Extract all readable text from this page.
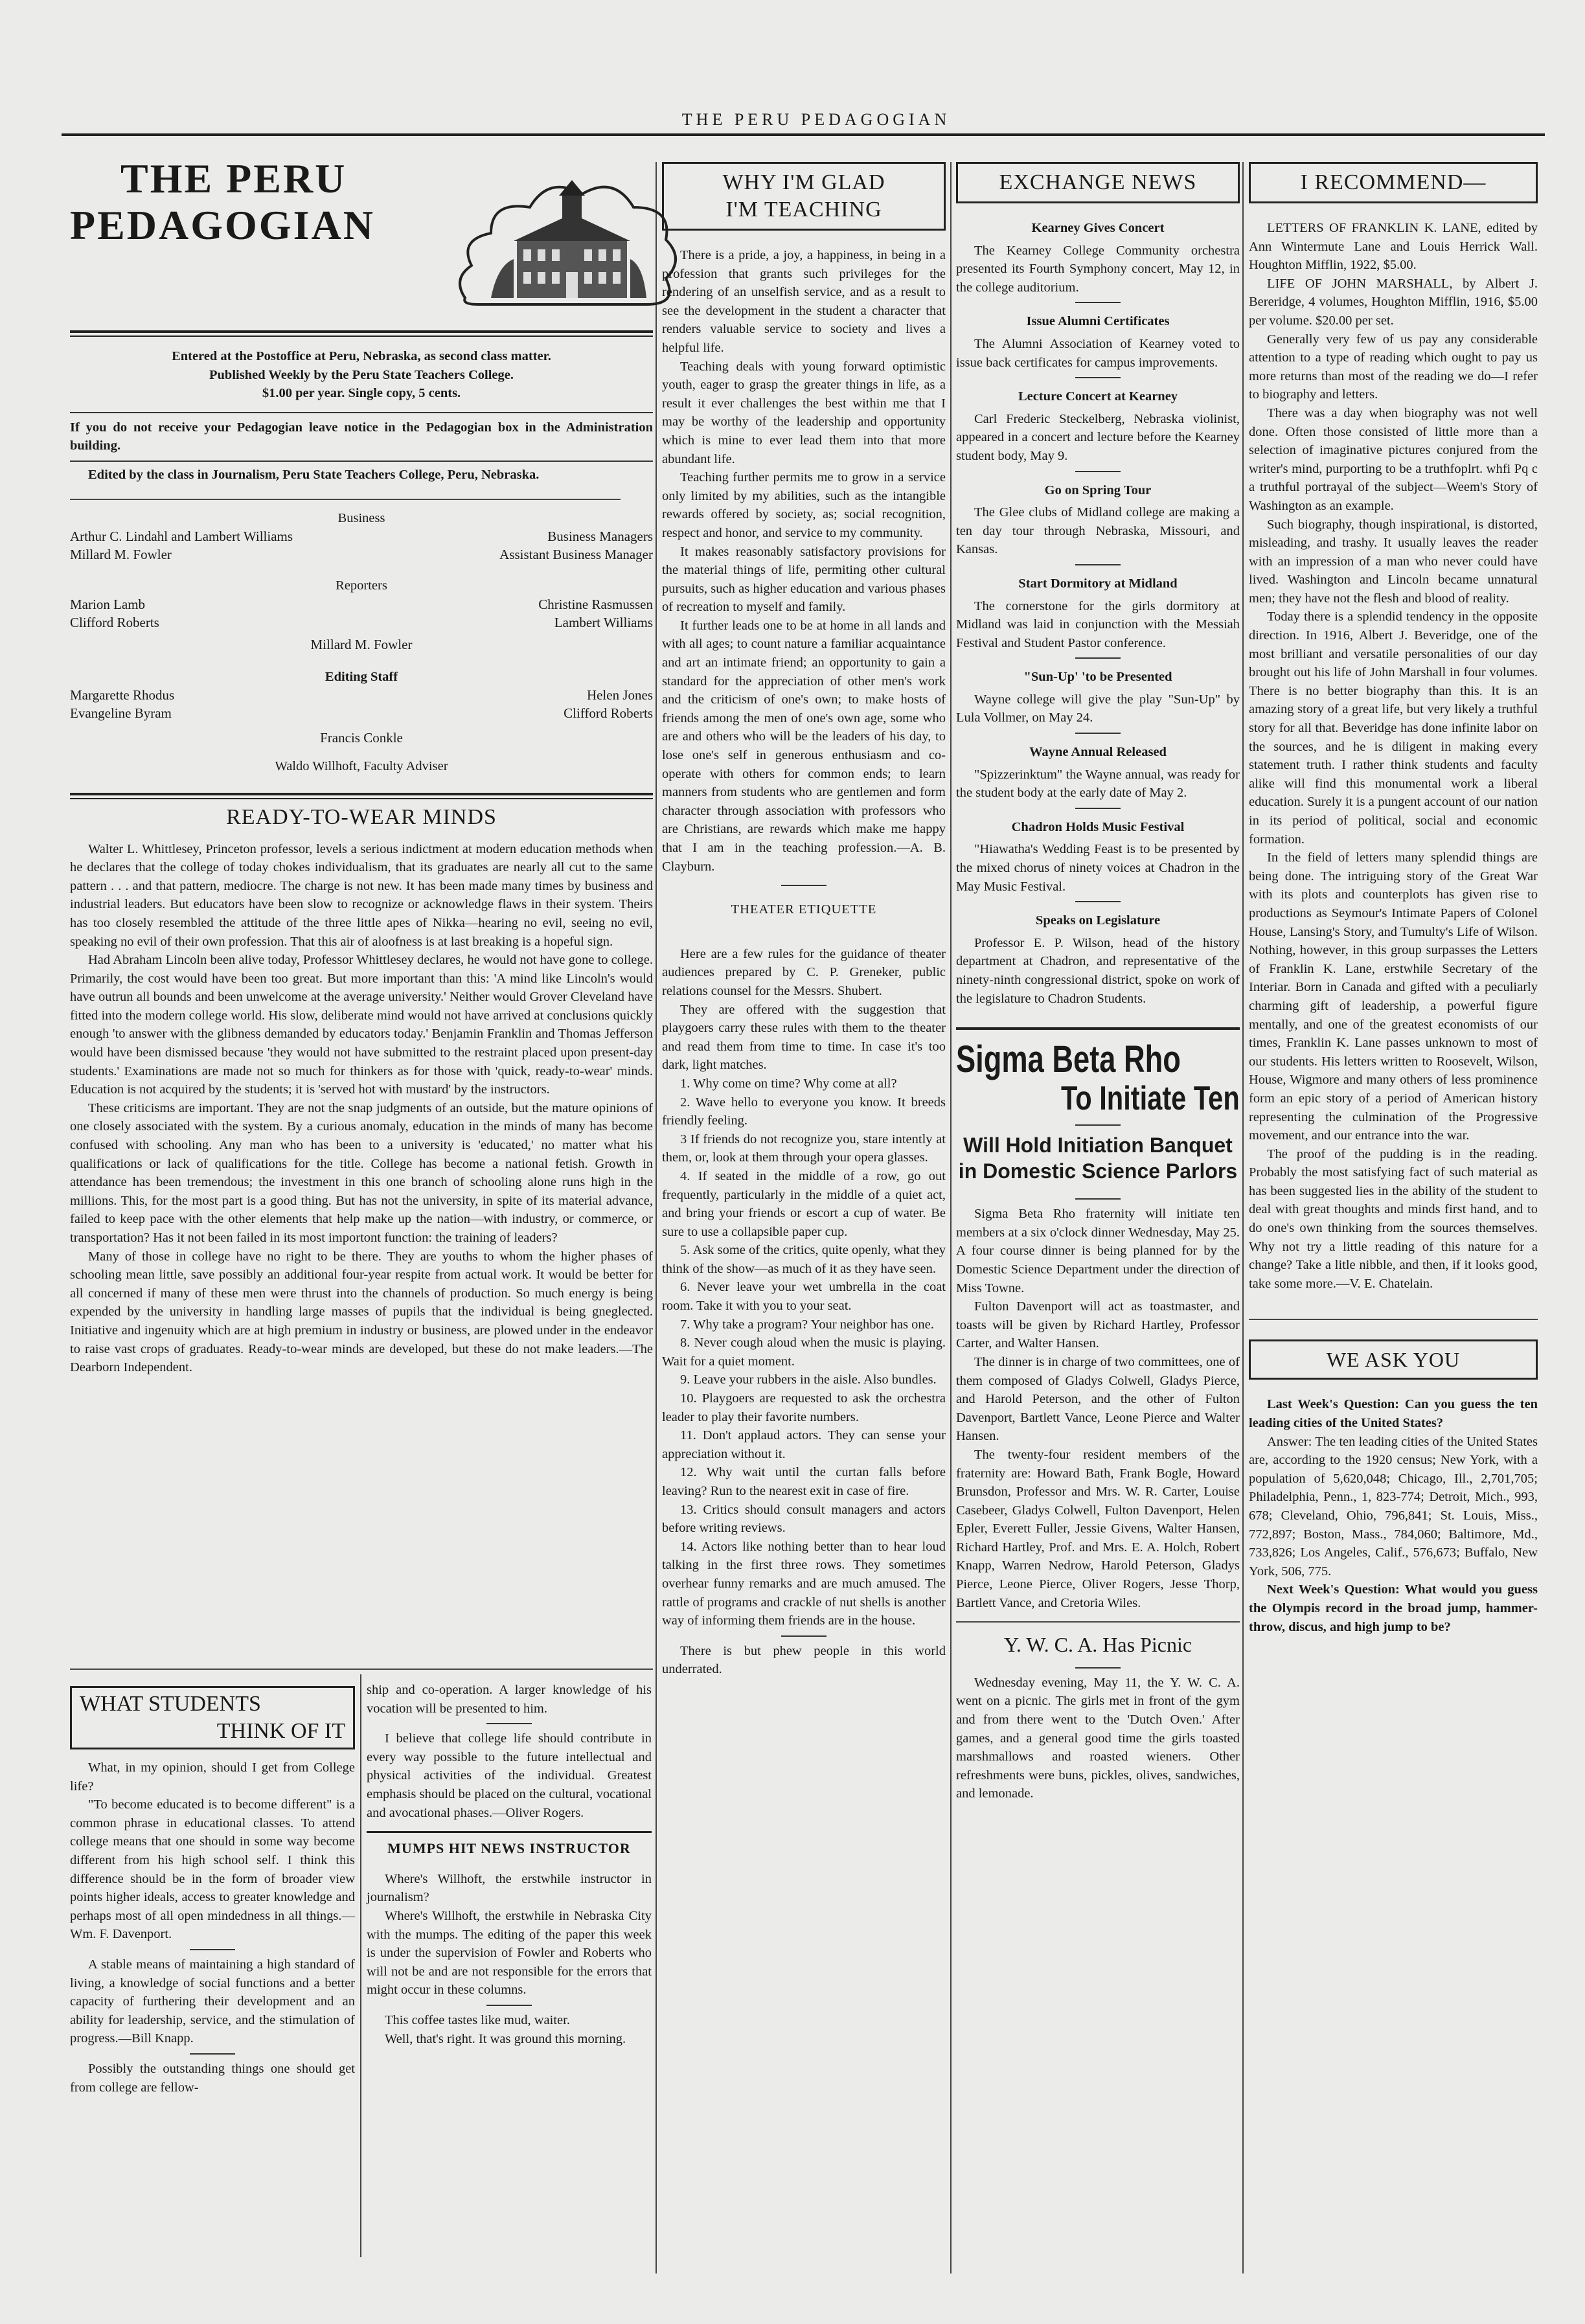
THE PERU PEDAGOGIAN
THE PERU
PEDAGOGIAN

Entered at the Postoffice at Peru, Nebraska, as second class matter.

Published Weekly by the Peru State Teachers College.

$1.00 per year. Single copy, 5 cents.

If you do not receive your Pedagogian leave notice in the Pedagogian box in the Administration building.

Edited by the class in Journalism, Peru State Teachers College, Peru, Nebraska.

Business

Arthur C. Lindahl and Lambert Williams	Business Managers
Millard M. Fowler	Assistant Business Manager

Reporters

Marion Lamb	Christine Rasmussen
Clifford Roberts	Lambert Williams
Millard M. Fowler	

Editing Staff

Margarette Rhodus	Helen Jones
Evangeline Byram	Clifford Roberts
Francis Conkle	

Waldo Willhoft, Faculty Adviser

READY-TO-WEAR MINDS

Walter L. Whittlesey, Princeton professor, levels a serious indictment at modern education methods when he declares that the college of today chokes individualism, that its graduates are nearly all cut to the same pattern . . . and that pattern, mediocre. The charge is not new. It has been made many times by business and industrial leaders. But educators have been slow to recognize or acknowledge flaws in their system. Theirs has too closely resembled the attitude of the three little apes of Nikka—hearing no evil, seeing no evil, speaking no evil of their own profession. That this air of aloofness is at last breaking is a hopeful sign.

Had Abraham Lincoln been alive today, Professor Whittlesey declares, he would not have gone to college. Primarily, the cost would have been too great. But more important than this: 'A mind like Lincoln's would have outrun all bounds and been unwelcome at the average university.' Neither would Grover Cleveland have fitted into the modern college world. His slow, deliberate mind would not have arrived at conclusions quickly enough 'to answer with the glibness demanded by educators today.' Benjamin Franklin and Thomas Jefferson would have been dismissed because 'they would not have submitted to the restraint placed upon present-day students.' Examinations are made not so much for thinkers as for those with 'quick, ready-to-wear' minds. Education is not acquired by the students; it is 'served hot with mustard' by the instructors.

These criticisms are important. They are not the snap judgments of an outside, but the mature opinions of one closely associated with the system. By a curious anomaly, education in the minds of many has become confused with schooling. Any man who has been to a university is 'educated,' no matter what his qualifications or lack of qualifications for the title. College has become a national fetish. Growth in attendance has been tremendous; the investment in this one branch of schooling alone runs high in the millions. This, for the most part is a good thing. But has not the university, in spite of its material advance, failed to keep pace with the other elements that help make up the nation—with industry, or commerce, or transportation? Has it not been failed in its most importont function: the training of leaders?

Many of those in college have no right to be there. They are youths to whom the higher phases of schooling mean little, save possibly an additional four-year respite from actual work. It would be better for all concerned if many of these men were thrust into the channels of production. So much energy is being expended by the university in handling large masses of pupils that the individual is being gneglected. Initiative and ingenuity which are at high premium in industry or business, are plowed under in the endeavor to raise vast crops of graduates. Ready-to-wear minds are developed, but these do not make leaders.—The Dearborn Independent.

WHAT STUDENTS
THINK OF IT

What, in my opinion, should I get from College life?

"To become educated is to become different" is a common phrase in educational classes. To attend college means that one should in some way become different from his high school self. I think this difference should be in the form of broader view points higher ideals, access to greater knowledge and perhaps most of all open mindedness in all things.—Wm. F. Davenport.

A stable means of maintaining a high standard of living, a knowledge of social functions and a better capacity of furthering their development and an ability for leadership, service, and the stimulation of progress.—Bill Knapp.

Possibly the outstanding things one should get from college are fellow-

ship and co-operation. A larger knowledge of his vocation will be presented to him.

I believe that college life should contribute in every way possible to the future intellectual and physical activities of the individual. Greatest emphasis should be placed on the cultural, vocational and avocational phases.—Oliver Rogers.

MUMPS HIT NEWS INSTRUCTOR

Where's Willhoft, the erstwhile instructor in journalism?

Where's Willhoft, the erstwhile in Nebraska City with the mumps. The editing of the paper this week is under the supervision of Fowler and Roberts who will not be and are not responsible for the errors that might occur in these columns.

This coffee tastes like mud, waiter.

Well, that's right. It was ground this morning.

WHY I'M GLAD
I'M TEACHING

There is a pride, a joy, a happiness, in being in a profession that grants such privileges for the rendering of an unselfish service, and as a result to see the development in the student a character that renders valuable service to society and lives a helpful life.

Teaching deals with young forward optimistic youth, eager to grasp the greater things in life, as a result it ever challenges the best within me that I may be worthy of the leadership and opportunity which is mine to ever lead them into that more abundant life.

Teaching further permits me to grow in a service only limited by my abilities, such as the intangible rewards offered by society, as; social recognition, respect and honor, and service to my community.

It makes reasonably satisfactory provisions for the material things of life, permiting other cultural pursuits, such as higher education and various phases of recreation to myself and family.

It further leads one to be at home in all lands and with all ages; to count nature a familiar acquaintance and art an intimate friend; an opportunity to gain a standard for the appreciation of other men's work and the criticism of one's own; to make hosts of friends among the men of one's own age, some who are and others who will be the leaders of his day, to lose one's self in generous enthusiasm and co-operate with others for common ends; to learn manners from students who are gentlemen and form character through association with professors who are Christians, are rewards which make me happy that I am in the teaching profession.—A. B. Clayburn.

THEATER ETIQUETTE

Here are a few rules for the guidance of theater audiences prepared by C. P. Greneker, public relations counsel for the Messrs. Shubert.

They are offered with the suggestion that playgoers carry these rules with them to the theater and read them from time to time. In case it's too dark, light matches.

1. Why come on time? Why come at all?

2. Wave hello to everyone you know. It breeds friendly feeling.

3 If friends do not recognize you, stare intently at them, or, look at them through your opera glasses.

4. If seated in the middle of a row, go out frequently, particularly in the middle of a quiet act, and bring your friends or escort a cup of water. Be sure to use a collapsible paper cup.

5. Ask some of the critics, quite openly, what they think of the show—as much of it as they have seen.

6. Never leave your wet umbrella in the coat room. Take it with you to your seat.

7. Why take a program? Your neighbor has one.

8. Never cough aloud when the music is playing. Wait for a quiet moment.

9. Leave your rubbers in the aisle. Also bundles.

10. Playgoers are requested to ask the orchestra leader to play their favorite numbers.

11. Don't applaud actors. They can sense your appreciation without it.

12. Why wait until the curtan falls before leaving? Run to the nearest exit in case of fire.

13. Critics should consult managers and actors before writing reviews.

14. Actors like nothing better than to hear loud talking in the first three rows. They sometimes overhear funny remarks and are much amused. The rattle of programs and crackle of nut shells is another way of informing them friends are in the house.

There is but phew people in this world underrated.

EXCHANGE NEWS
Kearney Gives Concert

The Kearney College Community orchestra presented its Fourth Symphony concert, May 12, in the college auditorium.

Issue Alumni Certificates

The Alumni Association of Kearney voted to issue back certificates for campus improvements.

Lecture Concert at Kearney

Carl Frederic Steckelberg, Nebraska violinist, appeared in a concert and lecture before the Kearney student body, May 9.

Go on Spring Tour

The Glee clubs of Midland college are making a ten day tour through Nebraska, Missouri, and Kansas.

Start Dormitory at Midland

The cornerstone for the girls dormitory at Midland was laid in conjunction with the Messiah Festival and Student Pastor conference.

"Sun-Up' 'to be Presented

Wayne college will give the play "Sun-Up" by Lula Vollmer, on May 24.

Wayne Annual Released

"Spizzerinktum" the Wayne annual, was ready for the student body at the early date of May 2.

Chadron Holds Music Festival

"Hiawatha's Wedding Feast is to be presented by the mixed chorus of ninety voices at Chadron in the May Music Festival.

Speaks on Legislature

Professor E. P. Wilson, head of the history department at Chadron, and representative of the ninety-ninth congressional district, spoke on work of the legislature to Chadron Students.

Sigma Beta Rho
To Initiate Ten
Will Hold Initiation Banquet in Domestic Science Parlors

Sigma Beta Rho fraternity will initiate ten members at a six o'clock dinner Wednesday, May 25. A four course dinner is being planned for by the Domestic Science Department under the direction of Miss Towne.

Fulton Davenport will act as toastmaster, and toasts will be given by Richard Hartley, Professor Carter, and Walter Hansen.

The dinner is in charge of two committees, one of them composed of Gladys Colwell, Gladys Pierce, and Harold Peterson, and the other of Fulton Davenport, Bartlett Vance, Leone Pierce and Walter Hansen.

The twenty-four resident members of the fraternity are: Howard Bath, Frank Bogle, Howard Brunsdon, Professor and Mrs. W. R. Carter, Louise Casebeer, Gladys Colwell, Fulton Davenport, Helen Epler, Everett Fuller, Jessie Givens, Walter Hansen, Richard Hartley, Prof. and Mrs. E. A. Holch, Robert Knapp, Warren Nedrow, Harold Peterson, Gladys Pierce, Leone Pierce, Oliver Rogers, Jesse Thorp, Bartlett Vance, and Cretoria Wiles.

Y. W. C. A. Has Picnic

Wednesday evening, May 11, the Y. W. C. A. went on a picnic. The girls met in front of the gym and from there went to the 'Dutch Oven.' After games, and a general good time the girls toasted marshmallows and roasted wieners. Other refreshments were buns, pickles, olives, sandwiches, and lemonade.

I RECOMMEND—

LETTERS OF FRANKLIN K. LANE, edited by Ann Wintermute Lane and Louis Herrick Wall. Houghton Mifflin, 1922, $5.00.

LIFE OF JOHN MARSHALL, by Albert J. Bereridge, 4 volumes, Houghton Mifflin, 1916, $5.00 per volume. $20.00 per set.

Generally very few of us pay any considerable attention to a type of reading which ought to pay us more returns than most of the reading we do—I refer to biography and letters.

There was a day when biography was not well done. Often those consisted of little more than a selection of imaginative pictures conjured from the writer's mind, purporting to be a truthfoplrt. whfi Pq c a truthful portrayal of the subject—Weem's Story of Washington as an example.

Such biography, though inspirational, is distorted, misleading, and trashy. It usually leaves the reader with an impression of a man who never could have lived. Washington and Lincoln became unnatural men; they have not the flesh and blood of reality.

Today there is a splendid tendency in the opposite direction. In 1916, Albert J. Beveridge, one of the most brilliant and versatile personalities of our day brought out his life of John Marshall in four volumes. There is no better biography than this. It is an amazing story of a great life, but very likely a truthful story for all that. Beveridge has done infinite labor on the sources, and he is diligent in making every statement truth. I rather think students and faculty alike will find this monumental work a liberal education. Surely it is a pungent account of our nation in its period of political, social and economic formation.

In the field of letters many splendid things are being done. The intriguing story of the Great War with its plots and counterplots has given rise to productions as Seymour's Intimate Papers of Colonel House, Lansing's Story, and Tumulty's Life of Wilson. Nothing, however, in this group surpasses the Letters of Franklin K. Lane, erstwhile Secretary of the Interiar. Born in Canada and gifted with a peculiarly charming gift of leadership, a powerful figure mentally, and one of the greatest economists of our times, Franklin K. Lane passes unknown to most of our students. His letters written to Roosevelt, Wilson, House, Wigmore and many others of less prominence form an epic story of a period of American history representing the culmination of the Progressive movement, and our entrance into the war.

The proof of the pudding is in the reading. Probably the most satisfying fact of such material as has been suggested lies in the ability of the student to deal with great thoughts and minds first hand, and to do one's own thinking from the sources themselves. Why not try a little reading of this nature for a change? Take a litle nibble, and then, if it looks good, take some more.—V. E. Chatelain.

WE ASK YOU

Last Week's Question: Can you guess the ten leading cities of the United States?

Answer: The ten leading cities of the United States are, according to the 1920 census; New York, with a population of 5,620,048; Chicago, Ill., 2,701,705; Philadelphia, Penn., 1, 823-774; Detroit, Mich., 993, 678; Cleveland, Ohio, 796,841; St. Louis, Miss., 772,897; Boston, Mass., 784,060; Baltimore, Md., 733,826; Los Angeles, Calif., 576,673; Buffalo, New York, 506, 775.

Next Week's Question: What would you guess the Olympis record in the broad jump, hammer-throw, discus, and high jump to be?
